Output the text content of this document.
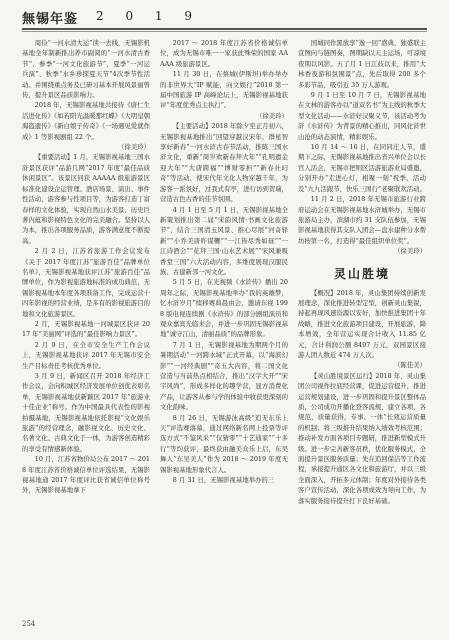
無锡年鉴 2 0 1 9

周俭“一河水清大运”读一去线，无锡影机基地全年制新推出养市副阅的“一河水清古香节”、参季“一河文化旅游节”，夏季“一河运兵演”、秋季“水乡珍探夏天节”4次季节性活动。并围绕重点务及已研习基本开展风景丽曾传，提升景区品质影响力。

2018 年，无锡影视基地共接待《唐仁生活进化传》《如若阳光温暖那红蝶》《大明皇朝海盗遗传》《新白娘子传奇》《一场遇见爱就作成》1 等影视剧组 22 个。

（徐美玲）

【重要活动】1 月，无锡影视基地三国水浒景区获评“品游几网”2017 年度“最佳品质休闲景区”。该景区同获 AAAAA 级旅游景区标准化建设企运管理、酒店场景、演出、事件性活动、游客参与性项目等，为游客打造丁富春样的文化体验，实现自然山水美景、历史巨著内蕴和影视特色文化的完美融合。坚持以人为本，推出各项服务品质，游客满意度不断提高。

2 月 2 日，江苏省旅游工作会议发布《关于 2017 年度江苏“旅游百佳”品牌单位名单》，无锡影视基地获评江苏“旅游百佳”品牌单位，作为影视旅游地标准的成功典范，无锡影视基地本年度各项准备工作，完成运营十四年影视的经营业绩，是多有的影视旅游目的地和文化旅游景区。

2 月，无锡影视基地一河城景区获评 2017 年“美丽网”评选的“最佳影响力景区”。

2 月 9 日，在全市安全生产工作会议上，无锡影视基地获评 2017 年无锡市安全生产目标责任考核优秀单位。

3 月 9 日，新闻区召开 2018 年经济工作会议，会向积城区经济发展单位创优表彰名单，无锡影视基地获新颖区 2017 年“旅游业十佳企业”称号。作为中国最具代表性的影视拍摄基地，无锡影视基地依托影视“文化娱乐旅游”的经营理念，融影视文化、历史文化、名著文化、古典文化于一体，为游客创造精彩的享受有情感新体验。

10 月，江苏省物价局公布 2017 ～ 2018 年度江苏省价格诚信单位评选结果，无锡影视基地通 2017 年度评比获省诚信单位称号外，无锡影视基地拿下

2017 ～ 2018 年度江苏省价格诚信单位，成为无锡市唯一一家获此殊荣的国家 AAAAA 级旅游景区。

11 月 30 日，在蔡城(伊斯坦)举办举办的非世界大“IP 赋能，向文娱行”2018 第一届中国旅游 IP 高峰论坛上，无锡影视基地获评“年度优秀点主执行”。

（徐美玲）

【主要活动】2018 年除夕至正月初六，无锡影视基地推出“回望穿越汉宋年，群星智享好新春”一河水浒古春节活动，推陈三国水浒文化，重新“周岁欢新春拜大年”“孔明遗金迎大年”“大唐跨福”“博财零担”“新春社叼奇”等活动，使宋代年文化人物穿越千年，为游客一派氛好，过我式有亭，进行访到贺瑞，营造古色古香的佳节氛围。

4 月 1 日至 5 月 1 日，无锡影视基地全新策划推出第二届“宋韵风情·书画文化旅游节”，结合三国清玉风景、推心尽展“河奇驿新”“小乔美唐昨谋鞭”“一江皆尽秀如昼”“一江诗酒会”“花拜三国·山水艺术展”“宋风兼吸香堂三国”六大活动内容，多维度展现汉服民族、古建新邻一河文化。

5 月 5 日，在光视频《水浒传》播出 20 周年之际，无锡影视基地举办“我的英雄梦，忆水浒岁月”续移赛典晨由会，邀请东视 1998 版电视连续剧《水浒传》的部分剧组演员和观众嘉宾光临来会，并进一步巩固无锡影视基地“诚守江山，清丽品质”的品牌形象。

7 月 1 日，无锡影视基地为期两个月的暑期活动“一河跨水域”正式开幕，以“海滨幻影”“一河经典剧”“奇五大内容，将二国文化营造与当前热点相结合，推出“汉字大开”“宋字风尚”，形成多样化的趣学营，显方消费化产品，让游客从参与学的体验中收获更深刻的文化韵味。

8 月 26 日，无锡游泳高级“追无东乐上天”评选赛落幕，通过网络新名网上投票等评选方式“不鉴风采”“仅猜零”“十艺通家”“十多行”等均获评，最终获由融美众乐上启，东吴舞人“东吴美人”作为 2018 ～ 2019 年度无锡影视基地形象代言人。

8 月 31 日，无锡影视基地举办的三

国城同作黑放享“逸一回”盛典，独盛联主宣图向与链图奏，图期缺以天主运场，可凉境夜期以风影。五了月 1 日江歧以来，推用“大林香夜游和氛围景”点，先后取得 200 多个多彩节品，吸引近 35 万人游观。

9 月 1 日至 10 月 7 日，无锡影视基地在文林的游客办以“道双名书”为主线的秋季大型文化活动——水浒好汉聚义节，该活动考为浒《水浒传》为背景的精心推出，同风化浒世山沧的动态演情，精彩娱乐。

10 月 14 ～ 16 日，在同同庄人节，盛期下之际，无锡影视基地推出省兴单位会以长官人活会，无锡市把则区活游旅游业局盛邀，分别开办“走进心灯，相聚一刻“祝季，活动及“九九活跟节，快乐三国行”老聚联欢活动。

11 月 2 日，2018 年无锡市旅游行业跨府运动会在无锡影视基地水浒城举办，无锡市旅游局主办，滨湖市约 31 支队伍参加，无锡影视基地获得其支队入团会—盘水建种分水帮坊按第一名，打造得“最佳组织单位奖”。

（徐美玲）

灵山胜境

【概况】2018 年，灵山集团持续创新发展理念，深化推进转型定型，创新灵山集锐，持起再现风速资源以安好，加快推进集团十年战略，推进文化旅游项目建设，开展旅游，降本增效，全年营运实现合计收入 11.85 亿元，合计利润公额 8497 万元，双园景区接游人团人数近 474 万人次。

（陈佳美）

【灵山胜境景区运行】2018 年，灵山集团公司视作拉底经营课，促进运营提升，推进运营规划建设，进一步巩固和提升景区整体品质，公司成功开播化登客流规，建立各项、各规范，质量获得，专事、一体“长效运营质量的机制；将三级推升结果纳入绩效考核范围；推动补发方面各项目专题研，推进新型模式升级。进一步完善新客员秩，优化服务模式，全面提升景区服务质量；先在追回保洁等工作流程，承接提升通区各文化和旅游厅，并以三级全面深入，开拓多元体制；年度对外接待各类客户宣传活动，深化各项成效为导向工作，为落实服务接待提升打下良好基础。

254
